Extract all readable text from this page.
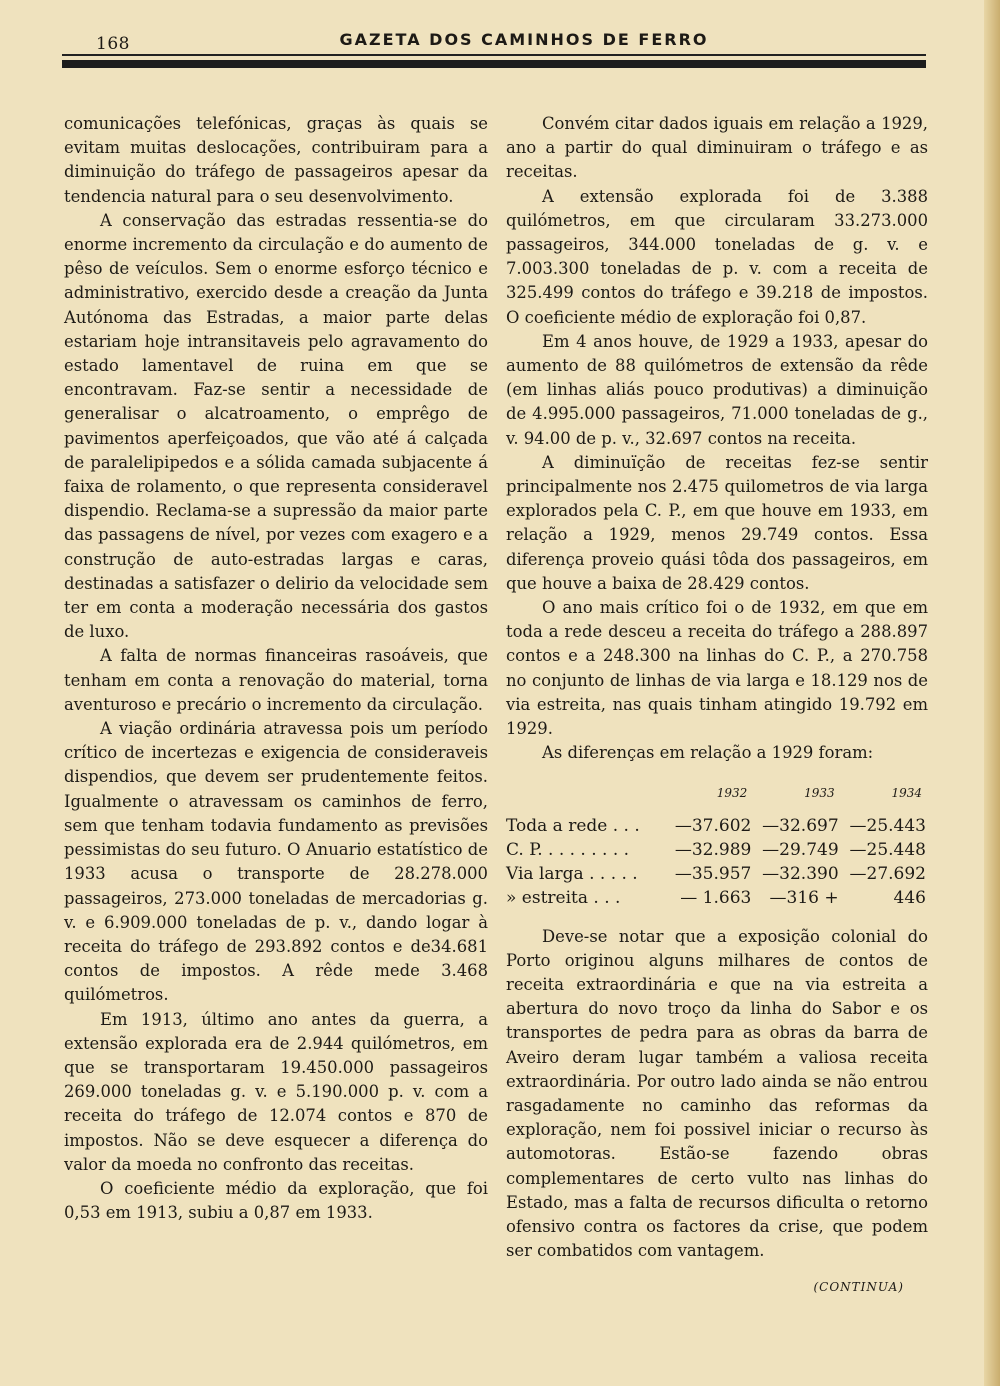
168	GAZETA DOS CAMINHOS DE FERRO

comunicações telefónicas, graças às quais se evitam muitas deslocações, contribuiram para a diminuição do tráfego de passageiros apesar da tendencia natural para o seu desenvolvimento.

A conservação das estradas ressentia-se do enorme incremento da circulação e do aumento de pêso de veículos. Sem o enorme esforço técnico e administrativo, exercido desde a creação da Junta Autónoma das Estradas, a maior parte delas estariam hoje intransitaveis pelo agravamento do estado lamentavel de ruina em que se encontravam. Faz-se sentir a necessidade de generalisar o alcatroamento, o emprêgo de pavimentos aperfeiçoados, que vão até á calçada de paralelipipedos e a sólida camada subjacente á faixa de rolamento, o que representa consideravel dispendio. Reclama-se a supressão da maior parte das passagens de nível, por vezes com exagero e a construção de auto-estradas largas e caras, destinadas a satisfazer o delirio da velocidade sem ter em conta a moderação necessária dos gastos de luxo.

A falta de normas financeiras rasoáveis, que tenham em conta a renovação do material, torna aventuroso e precário o incremento da circulação.

A viação ordinária atravessa pois um período crítico de incertezas e exigencia de consideraveis dispendios, que devem ser prudentemente feitos. Igualmente o atravessam os caminhos de ferro, sem que tenham todavia fundamento as previsões pessimistas do seu futuro. O Anuario estatístico de 1933 acusa o transporte de 28.278.000 passageiros, 273.000 toneladas de mercadorias g. v. e 6.909.000 toneladas de p. v., dando logar à receita do tráfego de 293.892 contos e de34.681 contos de impostos. A rêde mede 3.468 quilómetros.

Em 1913, último ano antes da guerra, a extensão explorada era de 2.944 quilómetros, em que se transportaram 19.450.000 passageiros 269.000 toneladas g. v. e 5.190.000 p. v. com a receita do tráfego de 12.074 contos e 870 de impostos. Não se deve esquecer a diferença do valor da moeda no confronto das receitas.

O coeficiente médio da exploração, que foi 0,53 em 1913, subiu a 0,87 em 1933.

Convém citar dados iguais em relação a 1929, ano a partir do qual diminuiram o tráfego e as receitas.

A extensão explorada foi de 3.388 quilómetros, em que circularam 33.273.000 passageiros, 344.000 toneladas de g. v. e 7.003.300 toneladas de p. v. com a receita de 325.499 contos do tráfego e 39.218 de impostos. O coeficiente médio de exploração foi 0,87.

Em 4 anos houve, de 1929 a 1933, apesar do aumento de 88 quilómetros de extensão da rêde (em linhas aliás pouco produtivas) a diminuição de 4.995.000 passageiros, 71.000 toneladas de g., v. 94.00 de p. v., 32.697 contos na receita.

A diminuïção de receitas fez-se sentir principalmente nos 2.475 quilometros de via larga explorados pela C. P., em que houve em 1933, em relação a 1929, menos 29.749 contos. Essa diferença proveio quási tôda dos passageiros, em que houve a baixa de 28.429 contos.

O ano mais crítico foi o de 1932, em que em toda a rede desceu a receita do tráfego a 288.897 contos e a 248.300 na linhas do C. P., a 270.758 no conjunto de linhas de via larga e 18.129 nos de via estreita, nas quais tinham atingido 19.792 em 1929.

As diferenças em relação a 1929 foram:

	1932	1933	1934
Toda a rede . . .	—37.602	—32.697	—25.443
C. P. . . . . . . . .	—32.989	—29.749	—25.448
Via larga . . . . .	—35.957	—32.390	—27.692
» estreita . . .	— 1.663	—316 +	446

Deve-se notar que a exposição colonial do Porto originou alguns milhares de contos de receita extraordinária e que na via estreita a abertura do novo troço da linha do Sabor e os transportes de pedra para as obras da barra de Aveiro deram lugar também a valiosa receita extraordinária. Por outro lado ainda se não entrou rasgadamente no caminho das reformas da exploração, nem foi possivel iniciar o recurso às automotoras. Estão-se fazendo obras complementares de certo vulto nas linhas do Estado, mas a falta de recursos dificulta o retorno ofensivo contra os factores da crise, que podem ser combatidos com vantagem.

(CONTINUA)
